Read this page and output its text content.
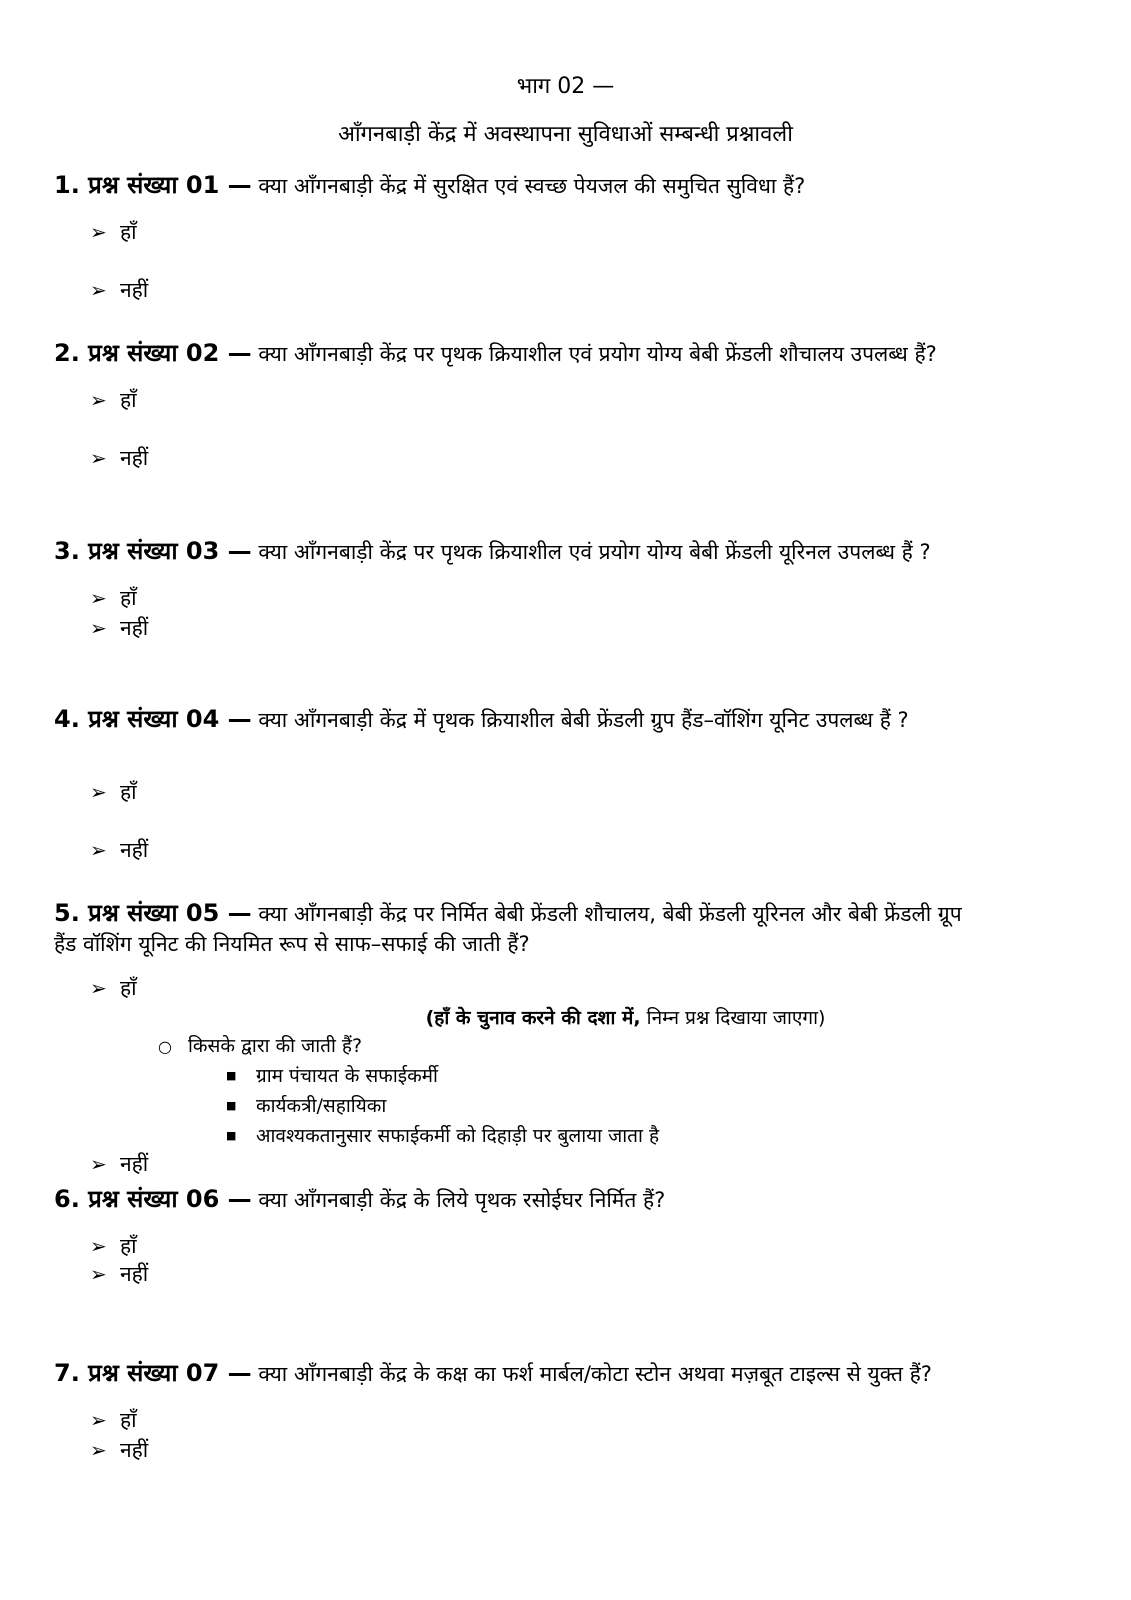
भाग 02 —
आँगनबाड़ी केंद्र में अवस्थापना सुविधाओं सम्बन्धी प्रश्नावली
1. प्रश्न संख्या 01 — क्या आँगनबाड़ी केंद्र में सुरक्षित एवं स्वच्छ पेयजल की समुचित सुविधा हैं?
➢ हाँ
➢ नहीं
2. प्रश्न संख्या 02 — क्या आँगनबाड़ी केंद्र पर पृथक क्रियाशील एवं प्रयोग योग्य बेबी फ्रेंडली शौचालय उपलब्ध हैं?
➢ हाँ
➢ नहीं
3. प्रश्न संख्या 03 — क्या आँगनबाड़ी केंद्र पर पृथक क्रियाशील एवं प्रयोग योग्य बेबी फ्रेंडली यूरिनल उपलब्ध हैं ?
➢ हाँ
➢ नहीं
4. प्रश्न संख्या 04 — क्या आँगनबाड़ी केंद्र में पृथक क्रियाशील बेबी फ्रेंडली ग्रुप हैंड–वॉशिंग यूनिट उपलब्ध हैं ?
➢ हाँ
➢ नहीं
5. प्रश्न संख्या 05 — क्या आँगनबाड़ी केंद्र पर निर्मित बेबी फ्रेंडली शौचालय, बेबी फ्रेंडली यूरिनल और बेबी फ्रेंडली ग्रूप
हैंड वॉशिंग यूनिट की नियमित रूप से साफ–सफाई की जाती हैं?
➢ हाँ
(हाँ के चुनाव करने की दशा में, निम्न प्रश्न दिखाया जाएगा)
○ किसके द्वारा की जाती हैं?
■ ग्राम पंचायत के सफाईकर्मी
■ कार्यकत्री/सहायिका
■ आवश्यकतानुसार सफाईकर्मी को दिहाड़ी पर बुलाया जाता है
➢ नहीं
6. प्रश्न संख्या 06 — क्या आँगनबाड़ी केंद्र के लिये पृथक रसोईघर निर्मित हैं?
➢ हाँ
➢ नहीं
7. प्रश्न संख्या 07 — क्या आँगनबाड़ी केंद्र के कक्ष का फर्श मार्बल/कोटा स्टोन अथवा मज़बूत टाइल्स से युक्त हैं?
➢ हाँ
➢ नहीं
